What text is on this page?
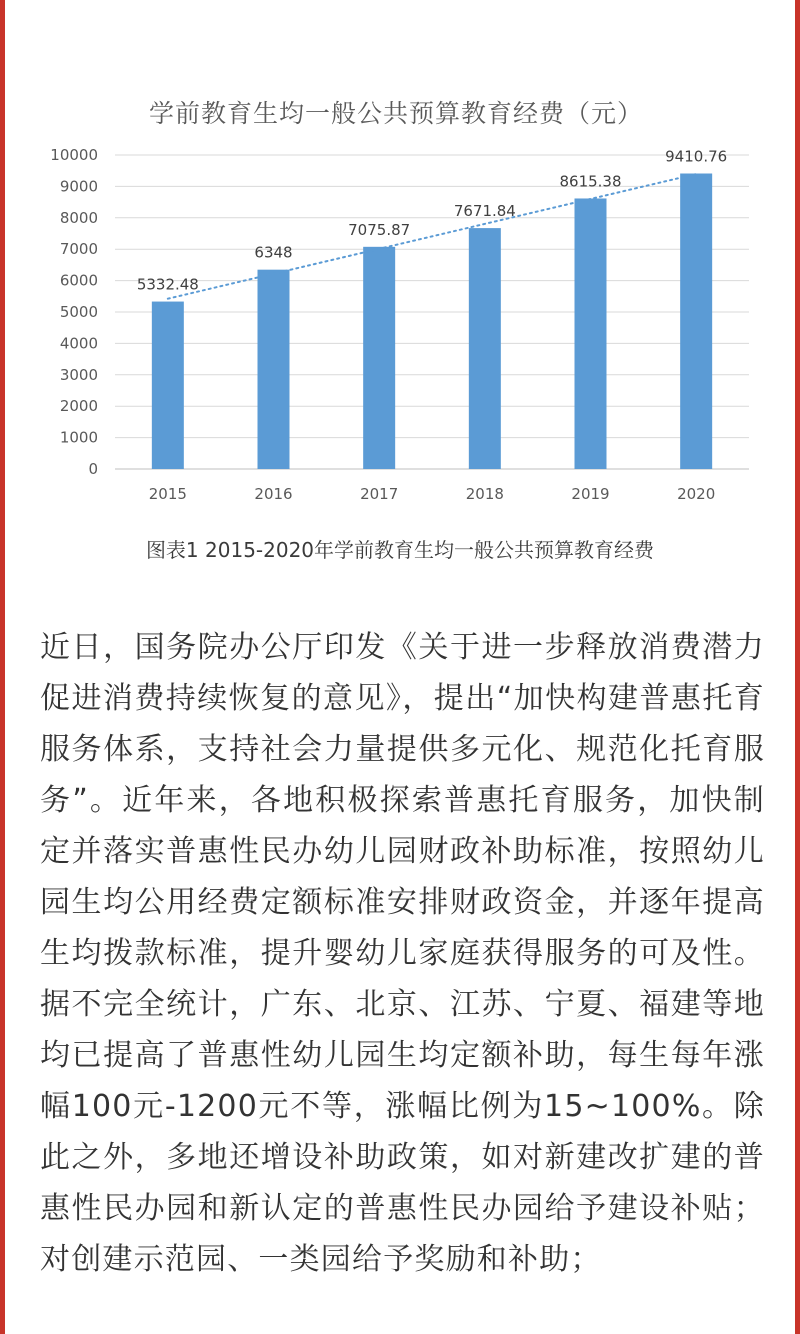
学前教育生均一般公共预算教育经费（元）
0
1000
2000
3000
4000
5000
6000
7000
8000
9000
10000
5332.48
6348
7075.87
7671.84
8615.38
9410.76
2015	2016	2017	2018	2019	2020
图表1 2015-2020年学前教育生均一般公共预算教育经费
近日，国务院办公厅印发《关于进一步释放消费潜力促进消费持续恢复的意见》，提出“加快构建普惠托育服务体系，支持社会力量提供多元化、规范化托育服务”。近年来，各地积极探索普惠托育服务，加快制定并落实普惠性民办幼儿园财政补助标准，按照幼儿园生均公用经费定额标准安排财政资金，并逐年提高生均拨款标准，提升婴幼儿家庭获得服务的可及性。据不完全统计，广东、北京、江苏、宁夏、福建等地均已提高了普惠性幼儿园生均定额补助，每生每年涨幅100元-1200元不等，涨幅比例为15~100%。除此之外，多地还增设补助政策，如对新建改扩建的普惠性民办园和新认定的普惠性民办园给予建设补贴；对创建示范园、一类园给予奖励和补助；
